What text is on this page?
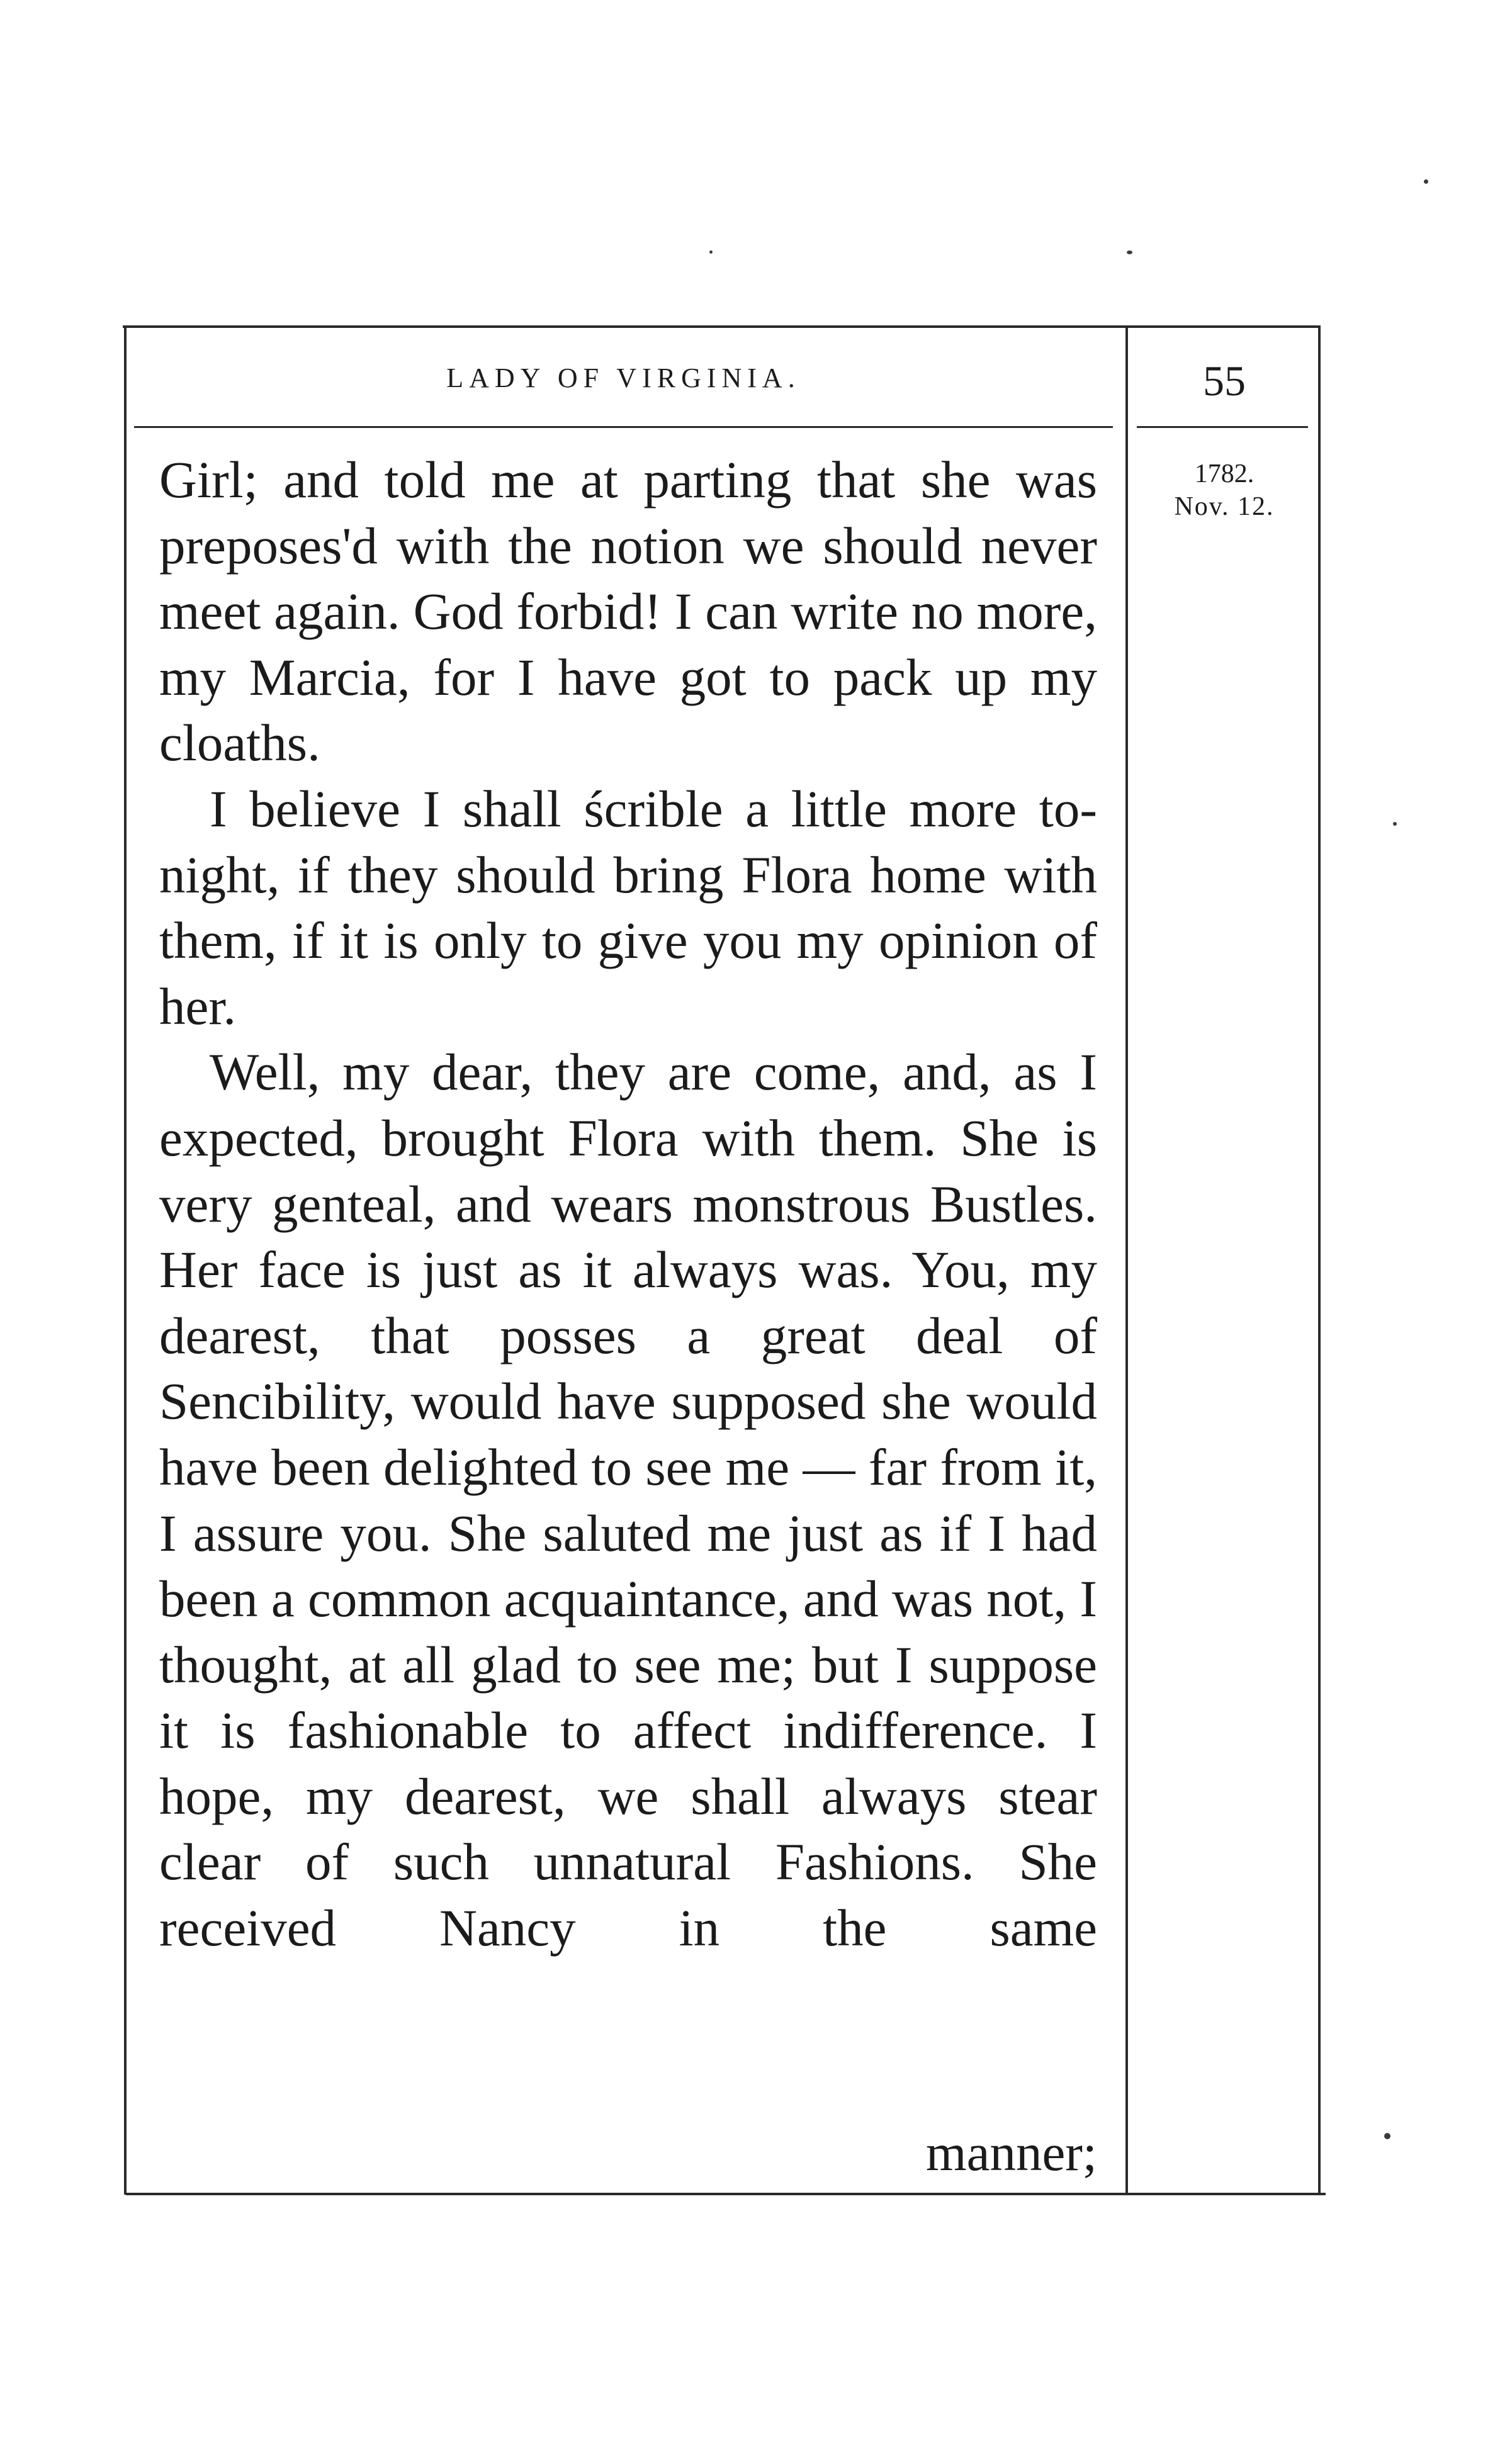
LADY OF VIRGINIA.	55
1782.
Nov. 12.

Girl; and told me at parting that she was preposes'd with the notion we should never meet again. God forbid! I can write no more, my Marcia, for I have got to pack up my cloaths.

I believe I shall ścrible a little more to-night, if they should bring Flora home with them, if it is only to give you my opinion of her.

Well, my dear, they are come, and, as I expected, brought Flora with them. She is very genteal, and wears monstrous Bustles. Her face is just as it always was. You, my dearest, that posses a great deal of Sencibility, would have supposed she would have been delighted to see me — far from it, I assure you. She saluted me just as if I had been a common acquaintance, and was not, I thought, at all glad to see me; but I suppose it is fashionable to affect indifference. I hope, my dearest, we shall always stear clear of such unnatural Fashions. She received Nancy in the same

manner;
